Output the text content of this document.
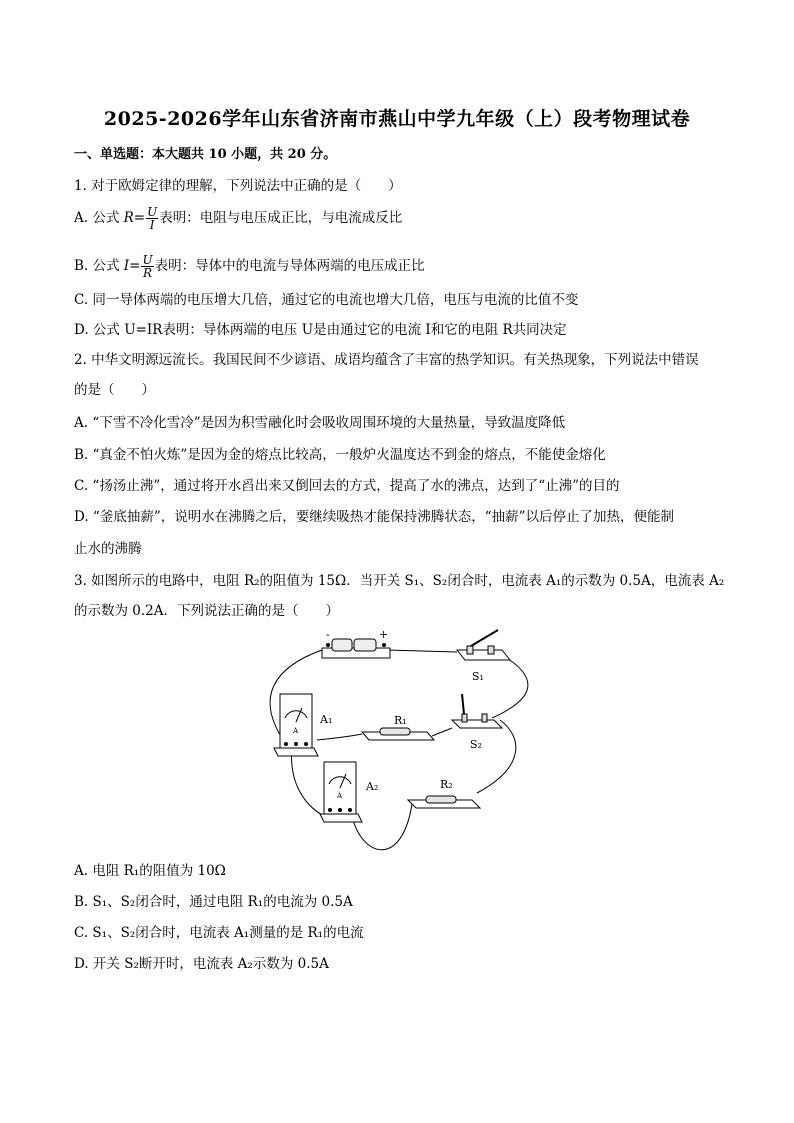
2025-2026学年山东省济南市燕山中学九年级（上）段考物理试卷
一、单选题：本大题共 10 小题，共 20 分。
1. 对于欧姆定律的理解，下列说法中正确的是（　　）
A. 公式 $R= \frac{U}{I}$ 表明：电阻与电压成正比，与电流成反比
B. 公式 $I= \frac{U}{R}$ 表明：导体中的电流与导体两端的电压成正比
C. 同一导体两端的电压增大几倍，通过它的电流也增大几倍，电压与电流的比值不变
D. 公式 U=IR表明：导体两端的电压 U是由通过它的电流 I和它的电阻 R共同决定
2. 中华文明源远流长。我国民间不少谚语、成语均蕴含了丰富的热学知识。有关热现象，下列说法中错误
的是（　　）
A. “下雪不冷化雪冷”是因为积雪融化时会吸收周围环境的大量热量，导致温度降低
B. “真金不怕火炼”是因为金的熔点比较高，一般炉火温度达不到金的熔点，不能使金熔化
C. “扬汤止沸”，通过将开水舀出来又倒回去的方式，提高了水的沸点，达到了“止沸”的目的
D. “釜底抽薪”，说明水在沸腾之后，要继续吸热才能保持沸腾状态，“抽薪”以后停止了加热，便能制
止水的沸腾
3. 如图所示的电路中，电阻 R₂的阻值为 15Ω．当开关 S₁、S₂闭合时，电流表 A₁的示数为 0.5A，电流表 A₂
的示数为 0.2A．下列说法正确的是（　　）
-	+
S₁
A
A₁	R₁
S₂
A
A₂	R₂
A. 电阻 R₁的阻值为 10Ω
B. S₁、S₂闭合时，通过电阻 R₁的电流为 0.5A
C. S₁、S₂闭合时，电流表 A₁测量的是 R₁的电流
D. 开关 S₂断开时，电流表 A₂示数为 0.5A
